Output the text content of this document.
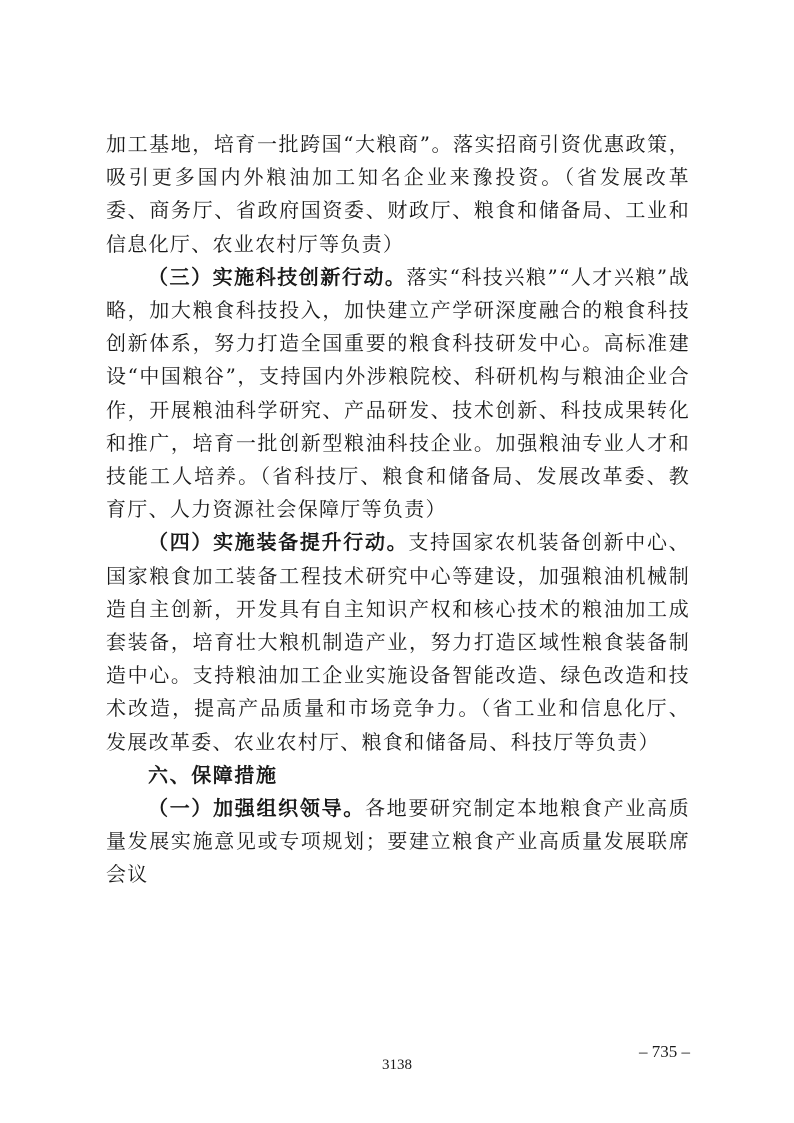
加工基地，培育一批跨国“大粮商”。落实招商引资优惠政策，吸引更多国内外粮油加工知名企业来豫投资。（省发展改革委、商务厅、省政府国资委、财政厅、粮食和储备局、工业和信息化厅、农业农村厅等负责）

（三）实施科技创新行动。落实“科技兴粮”“人才兴粮”战略，加大粮食科技投入，加快建立产学研深度融合的粮食科技创新体系，努力打造全国重要的粮食科技研发中心。高标准建设“中国粮谷”，支持国内外涉粮院校、科研机构与粮油企业合作，开展粮油科学研究、产品研发、技术创新、科技成果转化和推广，培育一批创新型粮油科技企业。加强粮油专业人才和技能工人培养。（省科技厅、粮食和储备局、发展改革委、教育厅、人力资源社会保障厅等负责）

（四）实施装备提升行动。支持国家农机装备创新中心、国家粮食加工装备工程技术研究中心等建设，加强粮油机械制造自主创新，开发具有自主知识产权和核心技术的粮油加工成套装备，培育壮大粮机制造产业，努力打造区域性粮食装备制造中心。支持粮油加工企业实施设备智能改造、绿色改造和技术改造，提高产品质量和市场竞争力。（省工业和信息化厅、发展改革委、农业农村厅、粮食和储备局、科技厅等负责）

六、保障措施

（一）加强组织领导。各地要研究制定本地粮食产业高质量发展实施意见或专项规划；要建立粮食产业高质量发展联席会议

– 735 –
3138
